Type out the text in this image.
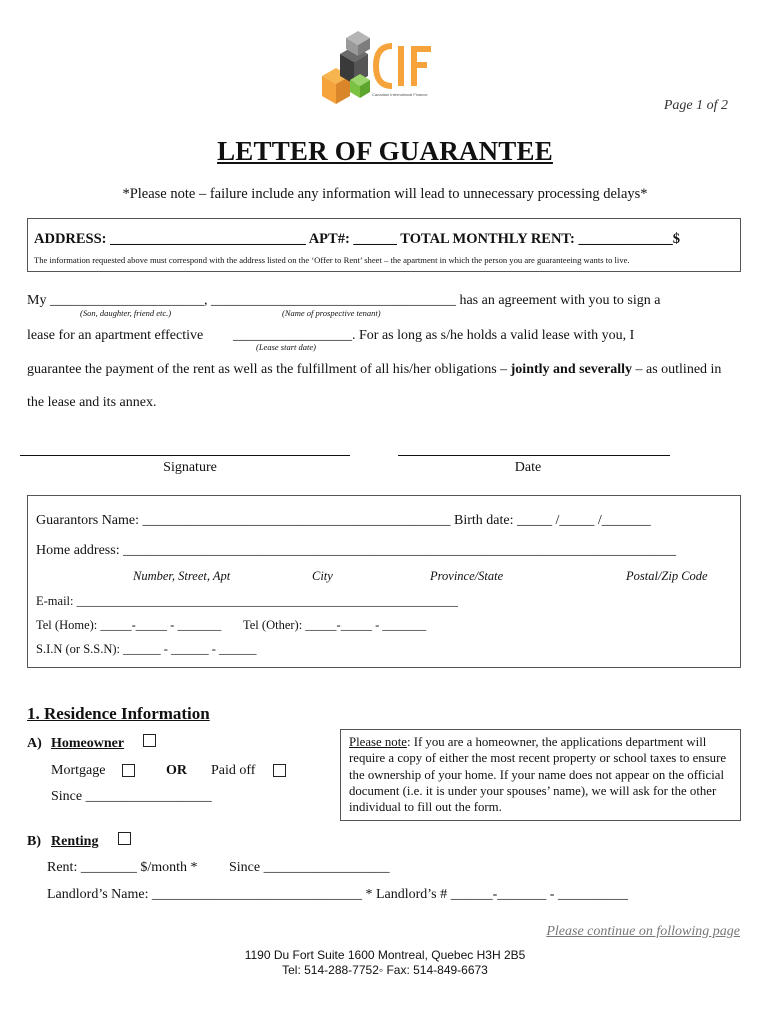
Canadian International Finance
Page 1 of 2
LETTER OF GUARANTEE
*Please note – failure include any information will lead to unnecessary processing delays*
ADDRESS: ___________________________ APT#: ______ TOTAL MONTHLY RENT: _____________$
The information requested above must correspond with the address listed on the ‘Offer to Rent’ sheet – the apartment in which the person you are guaranteeing wants to live.
My ______________________, ___________________________________ has an agreement with you to sign a
(Son, daughter, friend etc.)	(Name of prospective tenant)
lease for an apartment effective _________________. For as long as s/he holds a valid lease with you, I
(Lease start date)
guarantee the payment of the rent as well as the fulfillment of all his/her obligations – jointly and severally – as outlined in
the lease and its annex.
Signature	Date
Guarantors Name: ____________________________________________ Birth date: _____ /_____ /_______
Home address: _______________________________________________________________________________
Number, Street, Apt	City	Province/State	Postal/Zip Code
E-mail: _____________________________________________________________
Tel (Home): _____-_____ - _______ Tel (Other): _____-_____ - _______
S.I.N (or S.S.N): ______ - ______ - ______
1. Residence Information
A) Homeowner
Mortgage	OR Paid off
Since __________________
Please note: If you are a homeowner, the applications department will require a copy of either the most recent property or school taxes to ensure the ownership of your home. If your name does not appear on the official document (i.e. it is under your spouses’ name), we will ask for the other individual to fill out the form.
B) Renting
Rent: ________ $/month * Since __________________
Landlord’s Name: ______________________________ * Landlord’s # ______-_______ - __________
Please continue on following page
1190 Du Fort Suite 1600 Montreal, Quebec H3H 2B5
Tel: 514-288-7752◦ Fax: 514-849-6673
